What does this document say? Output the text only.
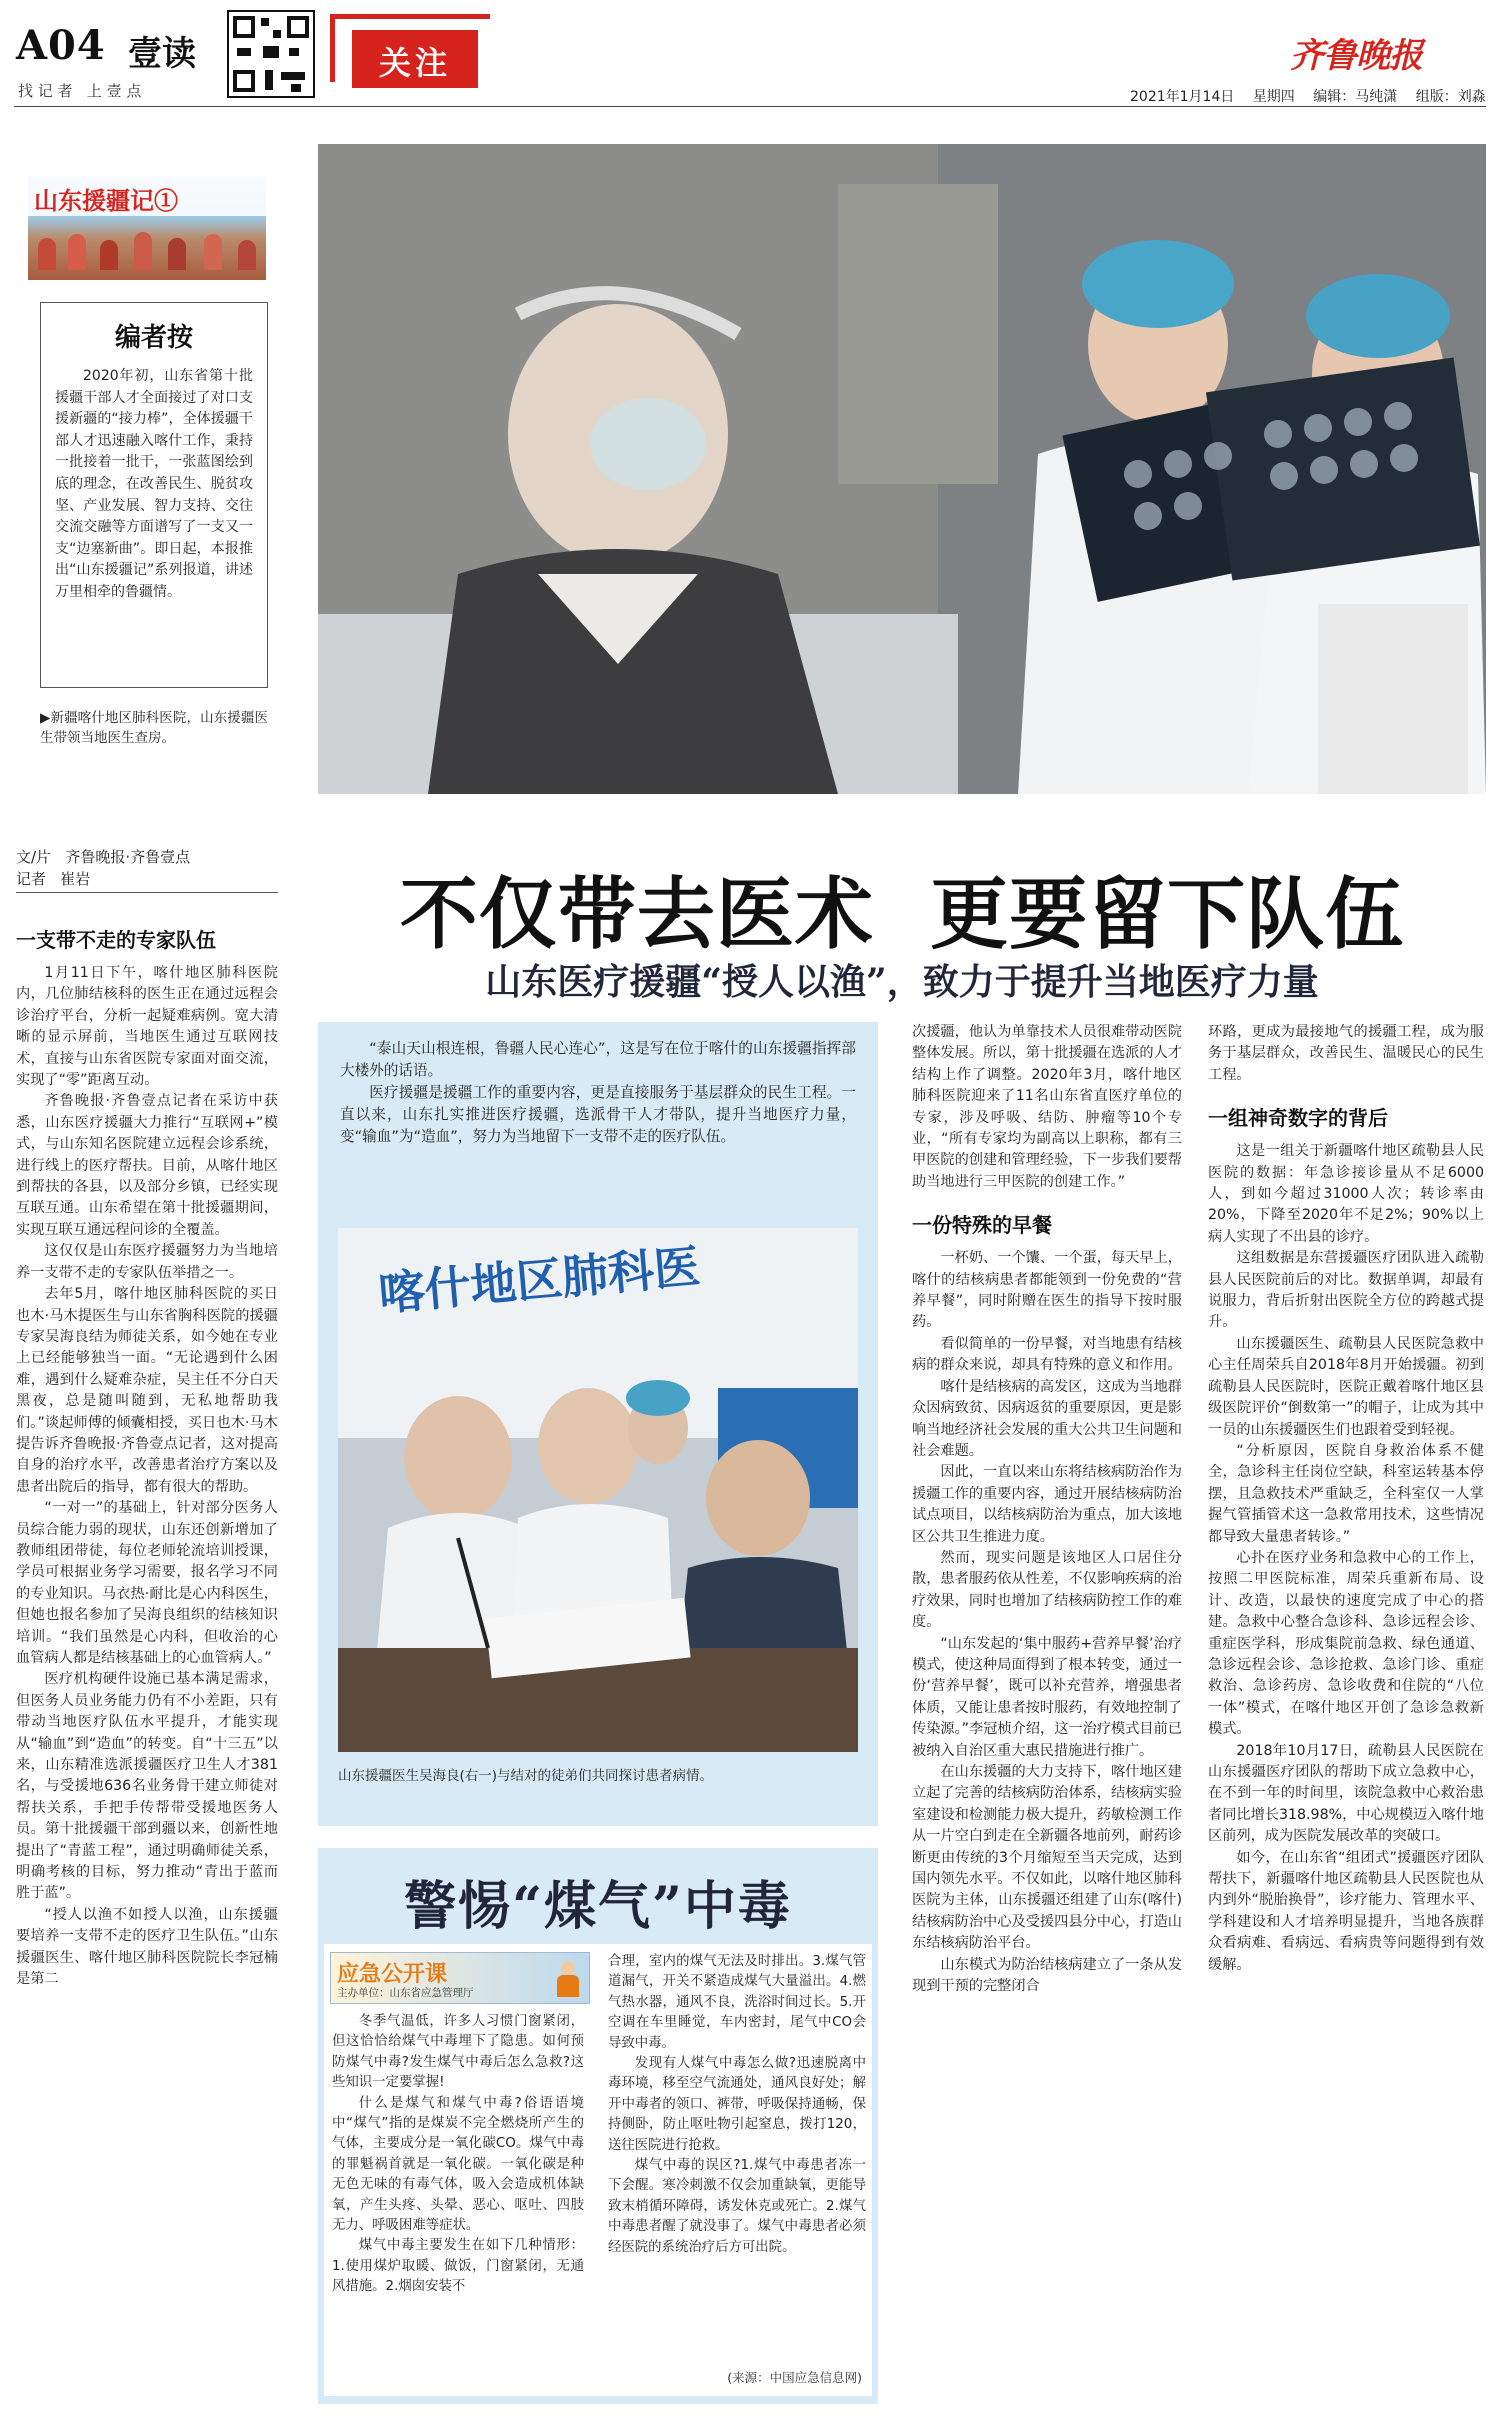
A04 壹读
找 记 者   上 壹 点
关注	齐鲁晚报
2021年1月14日 星期四 编辑：马纯潇 组版：刘淼
山东援疆记①
编者按

2020年初，山东省第十批援疆干部人才全面接过了对口支援新疆的“接力棒”，全体援疆干部人才迅速融入喀什工作，秉持一批接着一批干，一张蓝图绘到底的理念，在改善民生、脱贫攻坚、产业发展、智力支持、交往交流交融等方面谱写了一支又一支“边塞新曲”。即日起，本报推出“山东援疆记”系列报道，讲述万里相牵的鲁疆情。

▶新疆喀什地区肺科医院，山东援疆医生带领当地医生查房。
文/片   齐鲁晚报·齐鲁壹点
记者   崔岩	不仅带去医术  更要留下队伍
山东医疗援疆“授人以渔”，致力于提升当地医疗力量
一支带不走的专家队伍

1月11日下午，喀什地区肺科医院内，几位肺结核科的医生正在通过远程会诊治疗平台，分析一起疑难病例。宽大清晰的显示屏前，当地医生通过互联网技术，直接与山东省医院专家面对面交流，实现了“零”距离互动。

齐鲁晚报·齐鲁壹点记者在采访中获悉，山东医疗援疆大力推行“互联网+”模式，与山东知名医院建立远程会诊系统，进行线上的医疗帮扶。目前，从喀什地区到帮扶的各县，以及部分乡镇，已经实现互联互通。山东希望在第十批援疆期间，实现互联互通远程问诊的全覆盖。

这仅仅是山东医疗援疆努力为当地培养一支带不走的专家队伍举措之一。

去年5月，喀什地区肺科医院的买日也木·马木提医生与山东省胸科医院的援疆专家吴海良结为师徒关系，如今她在专业上已经能够独当一面。“无论遇到什么困难，遇到什么疑难杂症，吴主任不分白天黑夜，总是随叫随到，无私地帮助我们。”谈起师傅的倾囊相授，买日也木·马木提告诉齐鲁晚报·齐鲁壹点记者，这对提高自身的治疗水平，改善患者治疗方案以及患者出院后的指导，都有很大的帮助。

“一对一”的基础上，针对部分医务人员综合能力弱的现状，山东还创新增加了教师组团带徒，每位老师轮流培训授课，学员可根据业务学习需要，报名学习不同的专业知识。马衣热·耐比是心内科医生，但她也报名参加了吴海良组织的结核知识培训。“我们虽然是心内科，但收治的心血管病人都是结核基础上的心血管病人。”

医疗机构硬件设施已基本满足需求，但医务人员业务能力仍有不小差距，只有带动当地医疗队伍水平提升，才能实现从“输血”到“造血”的转变。自“十三五”以来，山东精准选派援疆医疗卫生人才381名，与受援地636名业务骨干建立师徒对帮扶关系，手把手传帮带受援地医务人员。第十批援疆干部到疆以来，创新性地提出了“青蓝工程”，通过明确师徒关系，明确考核的目标，努力推动“青出于蓝而胜于蓝”。

“授人以渔不如授人以渔，山东援疆要培养一支带不走的医疗卫生队伍。”山东援疆医生、喀什地区肺科医院院长李冠楠是第二

“泰山天山根连根，鲁疆人民心连心”，这是写在位于喀什的山东援疆指挥部大楼外的话语。

医疗援疆是援疆工作的重要内容，更是直接服务于基层群众的民生工程。一直以来，山东扎实推进医疗援疆，选派骨干人才带队，提升当地医疗力量，变“输血”为“造血”，努力为当地留下一支带不走的医疗队伍。

喀什地区肺科医
山东援疆医生吴海良(右一)与结对的徒弟们共同探讨患者病情。
警惕“煤气”中毒
应急公开课
主办单位：山东省应急管理厅

冬季气温低，许多人习惯门窗紧闭，但这恰恰给煤气中毒埋下了隐患。如何预防煤气中毒?发生煤气中毒后怎么急救?这些知识一定要掌握!

什么是煤气和煤气中毒?俗语语境中“煤气”指的是煤炭不完全燃烧所产生的气体，主要成分是一氧化碳CO。煤气中毒的罪魁祸首就是一氧化碳。一氧化碳是种无色无味的有毒气体，吸入会造成机体缺氧，产生头疼、头晕、恶心、呕吐、四肢无力、呼吸困难等症状。

煤气中毒主要发生在如下几种情形：1.使用煤炉取暖、做饭，门窗紧闭，无通风措施。2.烟囱安装不

合理，室内的煤气无法及时排出。3.煤气管道漏气，开关不紧造成煤气大量溢出。4.燃气热水器，通风不良，洗浴时间过长。5.开空调在车里睡觉，车内密封，尾气中CO会导致中毒。

发现有人煤气中毒怎么做?迅速脱离中毒环境，移至空气流通处，通风良好处；解开中毒者的领口、裤带，呼吸保持通畅，保持侧卧，防止呕吐物引起窒息，拨打120，送往医院进行抢救。

煤气中毒的误区?1.煤气中毒患者冻一下会醒。寒冷刺激不仅会加重缺氧，更能导致末梢循环障碍，诱发休克或死亡。2.煤气中毒患者醒了就没事了。煤气中毒患者必须经医院的系统治疗后方可出院。

(来源：中国应急信息网)

次援疆，他认为单靠技术人员很难带动医院整体发展。所以，第十批援疆在选派的人才结构上作了调整。2020年3月，喀什地区肺科医院迎来了11名山东省直医疗单位的专家，涉及呼吸、结防、肿瘤等10个专业，“所有专家均为副高以上职称，都有三甲医院的创建和管理经验，下一步我们要帮助当地进行三甲医院的创建工作。”

一份特殊的早餐

一杯奶、一个馕、一个蛋，每天早上，喀什的结核病患者都能领到一份免费的“营养早餐”，同时附赠在医生的指导下按时服药。

看似简单的一份早餐，对当地患有结核病的群众来说，却具有特殊的意义和作用。

喀什是结核病的高发区，这成为当地群众因病致贫、因病返贫的重要原因，更是影响当地经济社会发展的重大公共卫生问题和社会难题。

因此，一直以来山东将结核病防治作为援疆工作的重要内容，通过开展结核病防治试点项目，以结核病防治为重点，加大该地区公共卫生推进力度。

然而，现实问题是该地区人口居住分散，患者服药依从性差，不仅影响疾病的治疗效果，同时也增加了结核病防控工作的难度。

“山东发起的‘集中服药+营养早餐’治疗模式，使这种局面得到了根本转变，通过一份‘营养早餐’，既可以补充营养，增强患者体质，又能让患者按时服药，有效地控制了传染源。”李冠桢介绍，这一治疗模式目前已被纳入自治区重大惠民措施进行推广。

在山东援疆的大力支持下，喀什地区建立起了完善的结核病防治体系，结核病实验室建设和检测能力极大提升，药敏检测工作从一片空白到走在全新疆各地前列，耐药诊断更由传统的3个月缩短至当天完成，达到国内领先水平。不仅如此，以喀什地区肺科医院为主体，山东援疆还组建了山东(喀什)结核病防治中心及受援四县分中心，打造山东结核病防治平台。

山东模式为防治结核病建立了一条从发现到干预的完整闭合

环路，更成为最接地气的援疆工程，成为服务于基层群众，改善民生、温暖民心的民生工程。

一组神奇数字的背后

这是一组关于新疆喀什地区疏勒县人民医院的数据：年急诊接诊量从不足6000人，到如今超过31000人次；转诊率由20%，下降至2020年不足2%；90%以上病人实现了不出县的诊疗。

这组数据是东营援疆医疗团队进入疏勒县人民医院前后的对比。数据单调，却最有说服力，背后折射出医院全方位的跨越式提升。

山东援疆医生、疏勒县人民医院急救中心主任周荣兵自2018年8月开始援疆。初到疏勒县人民医院时，医院正戴着喀什地区县级医院评价“倒数第一”的帽子，让成为其中一员的山东援疆医生们也跟着受到轻视。

“分析原因，医院自身救治体系不健全，急诊科主任岗位空缺，科室运转基本停摆，且急救技术严重缺乏，全科室仅一人掌握气管插管术这一急救常用技术，这些情况都导致大量患者转诊。”

心扑在医疗业务和急救中心的工作上，按照二甲医院标准，周荣兵重新布局、设计、改造，以最快的速度完成了中心的搭建。急救中心整合急诊科、急诊远程会诊、重症医学科，形成集院前急救、绿色通道、急诊远程会诊、急诊抢救、急诊门诊、重症救治、急诊药房、急诊收费和住院的“八位一体”模式，在喀什地区开创了急诊急救新模式。

2018年10月17日，疏勒县人民医院在山东援疆医疗团队的帮助下成立急救中心，在不到一年的时间里，该院急救中心救治患者同比增长318.98%，中心规模迈入喀什地区前列，成为医院发展改革的突破口。

如今，在山东省“组团式”援疆医疗团队帮扶下，新疆喀什地区疏勒县人民医院也从内到外“脱胎换骨”，诊疗能力、管理水平、学科建设和人才培养明显提升，当地各族群众看病难、看病远、看病贵等问题得到有效缓解。
